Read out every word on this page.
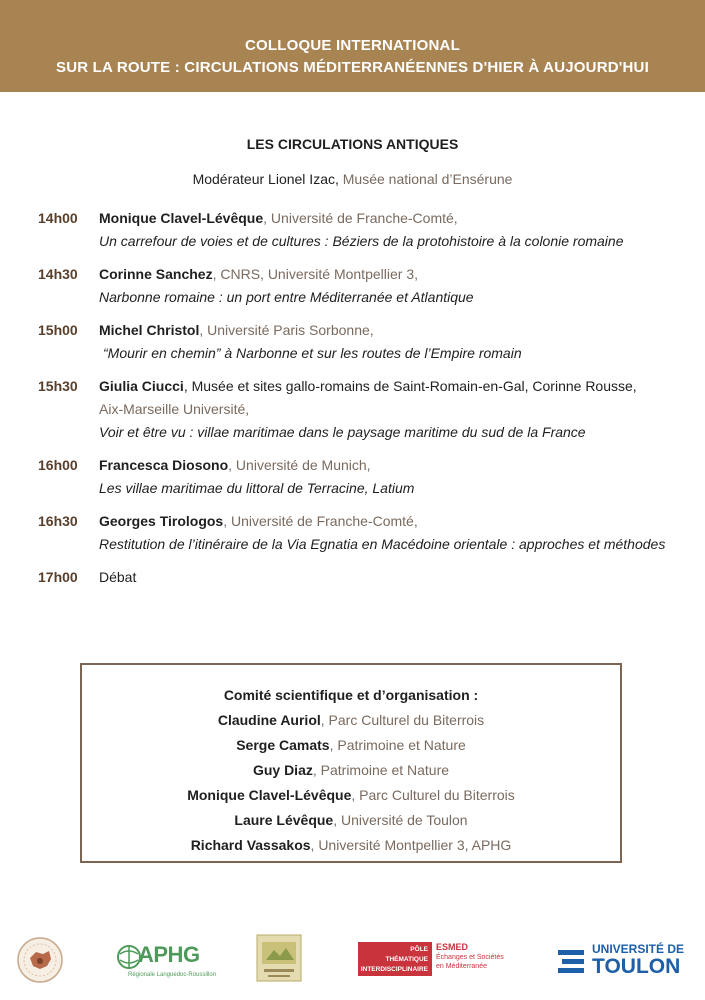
COLLOQUE INTERNATIONAL
SUR LA ROUTE : CIRCULATIONS MÉDITERRANÉENNES D'HIER À AUJOURD'HUI
LES CIRCULATIONS ANTIQUES
Modérateur Lionel Izac, Musée national d’Ensérune
14h00 Monique Clavel-Lévêque, Université de Franche-Comté,
Un carrefour de voies et de cultures : Béziers de la protohistoire à la colonie romaine
14h30 Corinne Sanchez, CNRS, Université Montpellier 3,
Narbonne romaine : un port entre Méditerranée et Atlantique
15h00 Michel Christol, Université Paris Sorbonne,
“Mourir en chemin” à Narbonne et sur les routes de l’Empire romain
15h30 Giulia Ciucci, Musée et sites gallo-romains de Saint-Romain-en-Gal, Corinne Rousse,
Aix-Marseille Université,
Voir et être vu : villae maritimae dans le paysage maritime du sud de la France
16h00 Francesca Diosono, Université de Munich,
Les villae maritimae du littoral de Terracine, Latium
16h30 Georges Tirologos, Université de Franche-Comté,
Restitution de l’itinéraire de la Via Egnatia en Macédoine orientale : approches et méthodes
17h00 Débat
Comité scientifique et d’organisation :
Claudine Auriol, Parc Culturel du Biterrois
Serge Camats, Patrimoine et Nature
Guy Diaz, Patrimoine et Nature
Monique Clavel-Lévêque, Parc Culturel du Biterrois
Laure Lévêque, Université de Toulon
Richard Vassakos, Université Montpellier 3, APHG
APHG
Régionale Languedoc-Roussillon
PÔLE
THÉMATIQUE
INTERDISCIPLINAIRE
ESMED
Échanges et Sociétés
en Méditerranée
UNIVERSITÉ DE
TOULON
